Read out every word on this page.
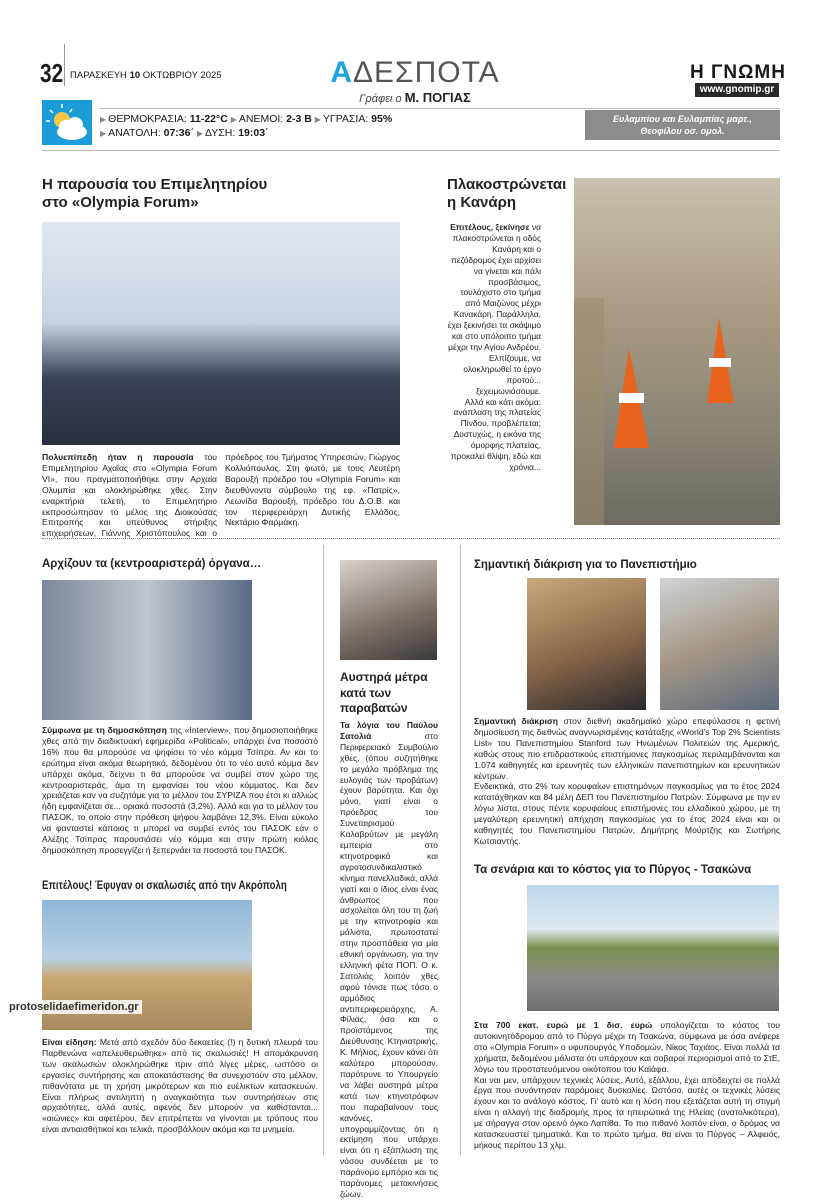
32 ΠΑΡΑΣΚΕΥΗ 10 ΟΚΤΩΒΡΙΟΥ 2025	ΑΔΕΣΠΟΤΑ
Γράφει ο Μ. ΠΟΓΙΑΣ
Η ΓΝΩΜΗ
www.gnomip.gr
▶ ΘΕΡΜΟΚΡΑΣΙΑ: 11-22°C ▶ ΑΝΕΜΟΙ: 2-3 B ▶ ΥΓΡΑΣΙΑ: 95%
▶ ΑΝΑΤΟΛΗ: 07:36΄ ▶ ΔΥΣΗ: 19:03΄
Ευλαμπίου και Ευλαμπίας μαρτ.,
Θεοφίλου οσ. ομολ.
Η παρουσία του Επιμελητηρίου στο «Olympia Forum»
Πολυεπίπεδη ήταν η παρουσία του Επιμελητηρίου Αχαΐας στο «Olympia Forum VI», που πραγματοποιήθηκε στην Αρχαία Ολυμπία και ολοκληρώθηκε χθες. Στην εναρκτήρια τελετή, το Επιμελητήριο εκπροσώπησαν το μέλος της Διοικούσας Επιτροπής και υπεύθυνος στήριξης επιχειρήσεων, Γιάννης Χριστόπουλος και ο πρόεδρος του Τμήματος Υπηρεσιών, Γιώργος Κολλιόπουλος. Στη φωτό, με τους Λευτέρη Βαρουξή πρόεδρο του «Olympia Forum» και διευθύνοντα σύμβουλο της εφ. «Πατρίς», Λεωνίδα Βαρουξή, πρόεδρο του Δ.Ο.Β. και τον περιφερειάρχη Δυτικής Ελλάδος, Νεκτάριο Φαρμάκη.
Πλακοστρώνεται η Κανάρη
Επιτέλους, ξεκίνησε να πλακοστρώνεται η οδός Κανάρη και ο πεζόδρομος έχει αρχίσει να γίνεται και πάλι προσβάσιμος, τουλάχιστο στο τμήμα από Μαιζώνος μέχρι Κανακάρη. Παράλληλα, έχει ξεκινήσει τα σκάψιμο και στο υπόλοιπο τμήμα μέχρι την Αγίου Ανδρέου.
Ελπίζουμε, να ολοκληρωθεί το έργο προτού... ξεχειμωνιάσουμε.
Αλλά και κάτι ακόμα: ανάπλαση της πλατείας Πίνδου, προβλέπεται; Δυστυχώς, η εικόνα της όμορφης πλατείας, προκαλεί θλίψη, εδώ και χρόνια...
Αρχίζουν τα (κεντροαριστερά) όργανα…
Σύμφωνα με τη δημοσκόπηση της «Interview», που δημοσιοποιήθηκε χθες από την διαδικτυακή εφημερίδα «Political», υπάρχει ένα ποσοστό 16% που θα μπορούσε να ψηφίσει το νέο κόμμα Τσίπρα. Αν και το ερώτημα είναι ακόμα θεωρητικό, δεδομένου ότι το νέο αυτό κόμμα δεν υπάρχει ακόμα, δείχνει τι θα μπορούσε να συμβεί στον χώρο της κεντροαριστεράς, άμα τη εμφανίσει του νέου κόμματος. Και δεν χρειάζεται καν να συζητάμε για το μέλλον του ΣΥΡΙΖΑ που έτσι κι αλλιώς ήδη εμφανίζεται σε... οριακά ποσοστά (3,2%). Αλλά και για το μέλλον του ΠΑΣΟΚ, το οποίο στην πρόθεση ψήφου λαμβάνει 12,3%. Είναι εύκολο να φανταστεί κάποιος τι μπορεί να συμβεί εντός του ΠΑΣΟΚ εάν ο Αλέξης Τσίπρας παρουσιάσει νέο κόμμα και στην πρώτη κιόλας δημοσκόπηση προσεγγίζει ή ξεπερνάει τα ποσοστά του ΠΑΣΟΚ.
Επιτέλους! Έφυγαν οι σκαλωσιές από την Ακρόπολη
protoselidaefimeridon.gr
Είναι είδηση: Μετά από σχεδόν δύο δεκαετίες (!) η δυτική πλευρά του Παρθενώνα «απελευθερώθηκε» από τις σκαλωσιές! Η απομάκρυνση των σκαλωσιών ολοκληρώθηκε πριν από λίγες μέρες, ωστόσο οι εργασίες συντήρησης και αποκατάστασης θα συνεχιστούν στο μέλλον, πιθανότατα με τη χρήση μικρότερων και πιο ευέλικτων κατασκευών. Είναι πλήρως αντιληπτή η αναγκαιότητα των συντηρήσεων στις αρχαιότητες, αλλά αυτές, αφενός δεν μπορούν να καθίστανται... «αιώνιες» και αφετέρου, δεν επιτρέπεται να γίνονται με τρόπους που είναι αντιαισθητικοί και τελικά, προσβάλλουν ακόμα και τα μνημεία.
Αυστηρά μέτρα κατά των παραβατών
Τα λόγια του Παύλου Σατολιά στο Περιφερειακό Συμβούλιο χθες, (όπου συζητήθηκε το μεγάλο πρόβλημα της ευλογιάς των προβάτων) έχουν βαρύτητα. Και όχι μόνο, γιατί είναι ο πρόεδρος του Συνεταιρισμού Καλαβρύτων με μεγάλη εμπειρία στο κτηνοτροφικό και αγροτοσυνδικαλιστικό κίνημα πανελλαδικά, αλλά γιατί και ο ίδιος είναι ένας άνθρωπος που ασχολείται όλη του τη ζωή με την κτηνοτροφία και μάλιστα, πρωτοστατεί στην προσπάθεια για μία εθνική οργάνωση, για την ελληνική φέτα ΠΟΠ. Ο κ. Σατολιάς λοιπόν χθες αφού τόνισε πως τόσο ο αρμόδιος αντιπεριφερειάρχης, Α. Φίλιας, όσο και ο προϊστάμενος της Διεύθυνσης Κτηνιατρικής, Κ. Μήλιος, έχουν κάνει ότι καλύτερο μπορούσαν, παρότρυνε το Υπουργείο να λάβει αυστηρά μέτρα κατά των κτηνοτρόφων που παραβαίνουν τους κανόνες, υπογραμμίζοντας ότι η εκτίμηση που υπάρχει είναι ότι η εξάπλωση της νόσου συνδέεται με το παράνομο εμπόριο και τις παράνομες μετακινήσεις ζώων.
Σημαντική διάκριση για το Πανεπιστήμιο
Σημαντική διάκριση στον διεθνή ακαδημαϊκό χώρο επεφύλασσε η φετινή δημοσίευση της διεθνώς αναγνωρισμένης κατάταξης «World's Top 2% Scientists List» του Πανεπιστημίου Stanford των Ηνωμένων Πολιτειών της Αμερικής, καθώς στους πιο επιδραστικούς επιστήμονες παγκοσμίως περιλαμβάνονται και 1.074 καθηγητές και ερευνητές των ελληνικών πανεπιστημίων και ερευνητικών κέντρων.
Ενδεικτικά, στο 2% των κορυφαίων επιστημόνων παγκοσμίως για το έτος 2024 κατατάχθηκαν και 84 μέλη ΔΕΠ του Πανεπιστημίου Πατρών. Σύμφωνα με την εν λόγω λίστα, στους πέντε κορυφαίους επιστήμονες του ελλαδικού χώρου, με τη μεγαλύτερη ερευνητική απήχηση παγκοσμίως για το έτος 2024 είναι και οι καθηγητές του Πανεπιστημίου Πατρών, Δημήτρης Μούρτζης και Σωτήρης Κωτσιαντής.
Τα σενάρια και το κόστος για το Πύργος - Τσακώνα
Στα 700 εκατ. ευρώ με 1 δισ. ευρώ υπολογίζεται το κόστος του αυτοκινητόδρομου από το Πύργο μέχρι τη Τσακώνα, σύμφωνα με όσα ανέφερε στο «Olympia Forum» ο υφυπουργός Υποδομών, Νίκος Ταχιάος. Είναι πολλά τα χρήματα, δεδομένου μάλιστα ότι υπάρχουν και σοβαροί περιορισμοί από το ΣτΕ, λόγω του προστατευόμενου οικότοπου του Καϊάφα.
Και ναι μεν, υπάρχουν τεχνικές λύσεις. Αυτό, εξάλλου, έχει αποδειχτεί σε πολλά έργα που συνάντησαν παρόμοιες δυσκολίες. Ωστόσο, αυτές οι τεχνικές λύσεις έχουν και το ανάλογο κόστος. Γι' αυτό και η λύση που εξετάζεται αυτή τη στιγμή είναι η αλλαγή της διαδρομής προς τα ηπειρωτικά της Ηλείας (ανατολικότερα), με σήραγγα στον ορεινό όγκο Λαπίθα. Το πιο πιθανό λοιπόν είναι, ο δρόμος να κατασκευαστεί τμηματικά. Και το πρώτο τμήμα, θα είναι το Πύργος – Αλφειός, μήκους περίπου 13 χλμ.
